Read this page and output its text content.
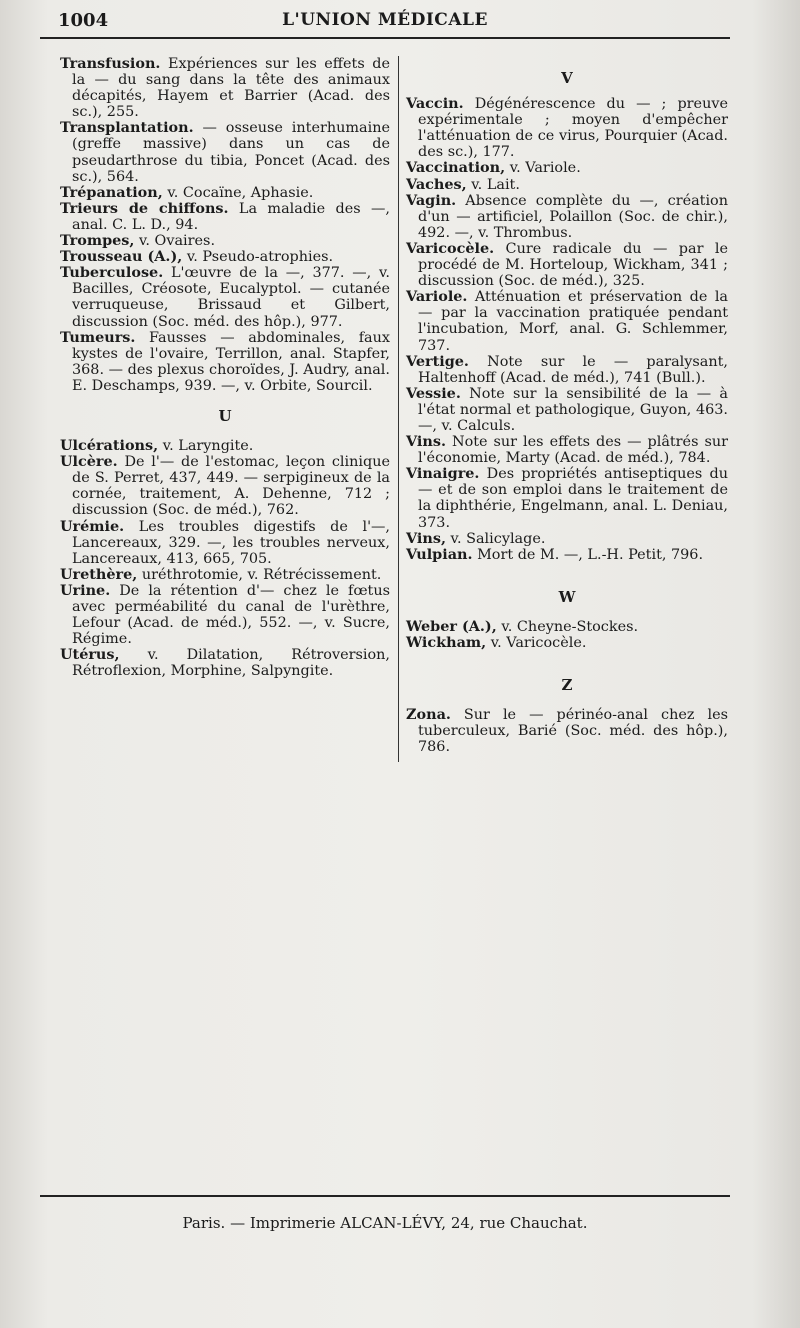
1004	L'UNION MÉDICALE
Transfusion. Expériences sur les effets de la — du sang dans la tête des animaux décapités, Hayem et Barrier (Acad. des sc.), 255.
Transplantation. — osseuse interhumaine (greffe massive) dans un cas de pseudarthrose du tibia, Poncet (Acad. des sc.), 564.
Trépanation, v. Cocaïne, Aphasie.
Trieurs de chiffons. La maladie des —, anal. C. L. D., 94.
Trompes, v. Ovaires.
Trousseau (A.), v. Pseudo-atrophies.
Tuberculose. L'œuvre de la —, 377. —, v. Bacilles, Créosote, Eucalyptol. — cutanée verruqueuse, Brissaud et Gilbert, discussion (Soc. méd. des hôp.), 977.
Tumeurs. Fausses — abdominales, faux kystes de l'ovaire, Terrillon, anal. Stapfer, 368. — des plexus choroïdes, J. Audry, anal. E. Deschamps, 939. —, v. Orbite, Sourcil.
U
Ulcérations, v. Laryngite.
Ulcère. De l'— de l'estomac, leçon clinique de S. Perret, 437, 449. — serpigineux de la cornée, traitement, A. Dehenne, 712 ; discussion (Soc. de méd.), 762.
Urémie. Les troubles digestifs de l'—, Lancereaux, 329. —, les troubles nerveux, Lancereaux, 413, 665, 705.
Urethère, uréthrotomie, v. Rétrécissement.
Urine. De la rétention d'— chez le fœtus avec perméabilité du canal de l'urèthre, Lefour (Acad. de méd.), 552. —, v. Sucre, Régime.
Utérus, v. Dilatation, Rétroversion, Rétroflexion, Morphine, Salpyngite.
V
Vaccin. Dégénérescence du — ; preuve expérimentale ; moyen d'empêcher l'atténuation de ce virus, Pourquier (Acad. des sc.), 177.
Vaccination, v. Variole.
Vaches, v. Lait.
Vagin. Absence complète du —, création d'un — artificiel, Polaillon (Soc. de chir.), 492. —, v. Thrombus.
Varicocèle. Cure radicale du — par le procédé de M. Horteloup, Wickham, 341 ; discussion (Soc. de méd.), 325.
Variole. Atténuation et préservation de la — par la vaccination pratiquée pendant l'incubation, Morf, anal. G. Schlemmer, 737.
Vertige. Note sur le — paralysant, Haltenhoff (Acad. de méd.), 741 (Bull.).
Vessie. Note sur la sensibilité de la — à l'état normal et pathologique, Guyon, 463. —, v. Calculs.
Vins. Note sur les effets des — plâtrés sur l'économie, Marty (Acad. de méd.), 784.
Vinaigre. Des propriétés antiseptiques du — et de son emploi dans le traitement de la diphthérie, Engelmann, anal. L. Deniau, 373.
Vins, v. Salicylage.
Vulpian. Mort de M. —, L.-H. Petit, 796.
W
Weber (A.), v. Cheyne-Stockes.
Wickham, v. Varicocèle.
Z
Zona. Sur le — périnéo-anal chez les tuberculeux, Barié (Soc. méd. des hôp.), 786.
Paris. — Imprimerie ALCAN-LÉVY, 24, rue Chauchat.
